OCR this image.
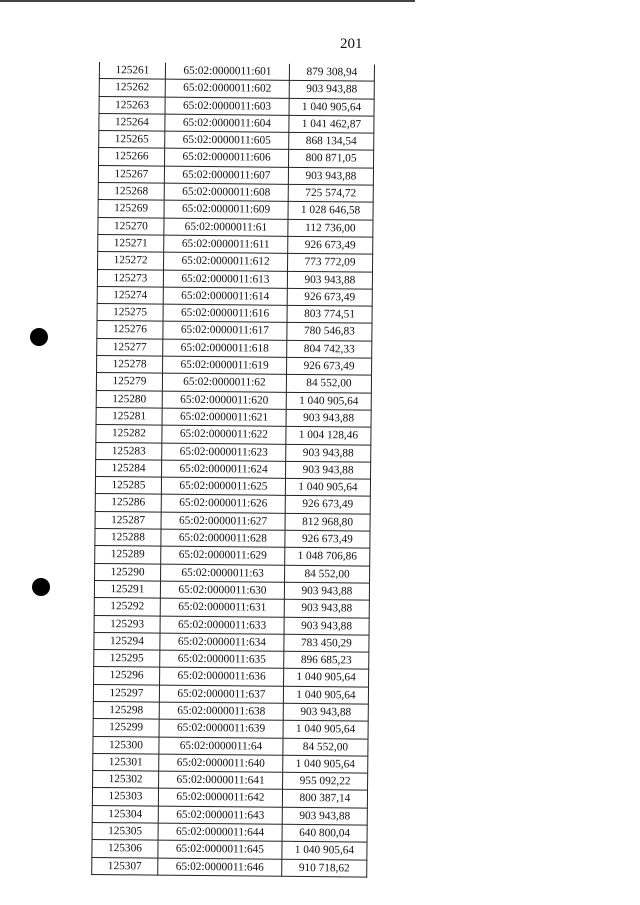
201
125261	65:02:0000011:601	879 308,94
125262	65:02:0000011:602	903 943,88
125263	65:02:0000011:603	1 040 905,64
125264	65:02:0000011:604	1 041 462,87
125265	65:02:0000011:605	868 134,54
125266	65:02:0000011:606	800 871,05
125267	65:02:0000011:607	903 943,88
125268	65:02:0000011:608	725 574,72
125269	65:02:0000011:609	1 028 646,58
125270	65:02:0000011:61	112 736,00
125271	65:02:0000011:611	926 673,49
125272	65:02:0000011:612	773 772,09
125273	65:02:0000011:613	903 943,88
125274	65:02:0000011:614	926 673,49
125275	65:02:0000011:616	803 774,51
125276	65:02:0000011:617	780 546,83
125277	65:02:0000011:618	804 742,33
125278	65:02:0000011:619	926 673,49
125279	65:02:0000011:62	84 552,00
125280	65:02:0000011:620	1 040 905,64
125281	65:02:0000011:621	903 943,88
125282	65:02:0000011:622	1 004 128,46
125283	65:02:0000011:623	903 943,88
125284	65:02:0000011:624	903 943,88
125285	65:02:0000011:625	1 040 905,64
125286	65:02:0000011:626	926 673,49
125287	65:02:0000011:627	812 968,80
125288	65:02:0000011:628	926 673,49
125289	65:02:0000011:629	1 048 706,86
125290	65:02:0000011:63	84 552,00
125291	65:02:0000011:630	903 943,88
125292	65:02:0000011:631	903 943,88
125293	65:02:0000011:633	903 943,88
125294	65:02:0000011:634	783 450,29
125295	65:02:0000011:635	896 685,23
125296	65:02:0000011:636	1 040 905,64
125297	65:02:0000011:637	1 040 905,64
125298	65:02:0000011:638	903 943,88
125299	65:02:0000011:639	1 040 905,64
125300	65:02:0000011:64	84 552,00
125301	65:02:0000011:640	1 040 905,64
125302	65:02:0000011:641	955 092,22
125303	65:02:0000011:642	800 387,14
125304	65:02:0000011:643	903 943,88
125305	65:02:0000011:644	640 800,04
125306	65:02:0000011:645	1 040 905,64
125307	65:02:0000011:646	910 718,62
